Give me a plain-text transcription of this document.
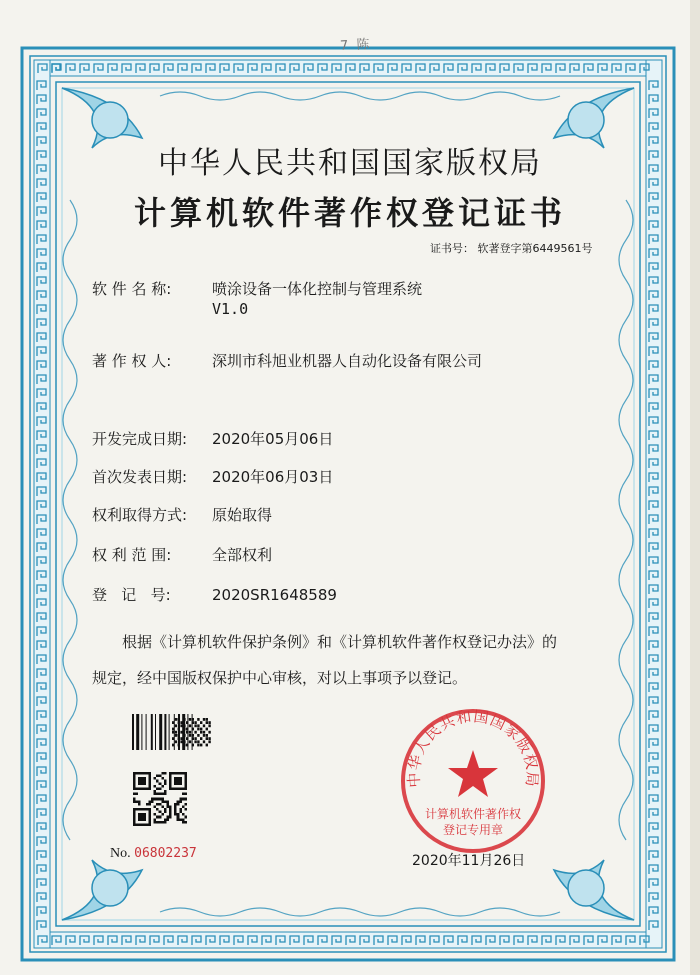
7 陈
中华人民共和国国家版权局
计算机软件著作权登记证书
证书号： 软著登字第6449561号
软 件 名 称:	喷涂设备一体化控制与管理系统
V1.0
著 作 权 人:	深圳市科旭业机器人自动化设备有限公司
开发完成日期: 2020年05月06日
首次发表日期: 2020年06月03日
权利取得方式: 原始取得
权 利 范 围:	全部权利
登   记   号:	2020SR1648589

根据《计算机软件保护条例》和《计算机软件著作权登记办法》的

规定，经中国版权保护中心审核，对以上事项予以登记。

No. 06802237
中华人民共和国国家版权局
计算机软件著作权
登记专用章
2020年11月26日
